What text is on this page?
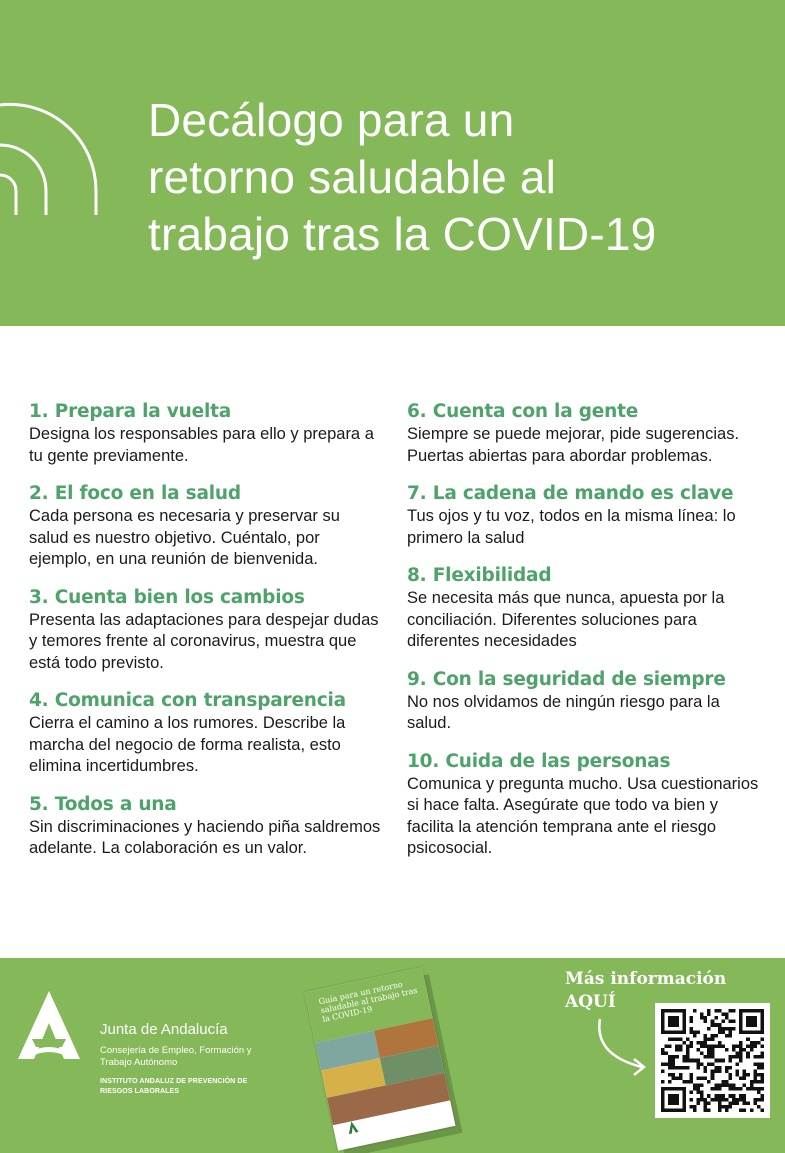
Decálogo para un
retorno saludable al
trabajo tras la COVID-19
1. Prepara la vuelta
Designa los responsables para ello y prepara a tu gente previamente.
2. El foco en la salud
Cada persona es necesaria y preservar su salud es nuestro objetivo. Cuéntalo, por ejemplo, en una reunión de bienvenida.
3. Cuenta bien los cambios
Presenta las adaptaciones para despejar dudas y temores frente al coronavirus, muestra que está todo previsto.
4. Comunica con transparencia
Cierra el camino a los rumores. Describe la marcha del negocio de forma realista, esto elimina incertidumbres.
5. Todos a una
Sin discriminaciones y haciendo piña saldremos adelante. La colaboración es un valor.
6. Cuenta con la gente
Siempre se puede mejorar, pide sugerencias. Puertas abiertas para abordar problemas.
7. La cadena de mando es clave
Tus ojos y tu voz, todos en la misma línea: lo primero la salud
8. Flexibilidad
Se necesita más que nunca, apuesta por la conciliación. Diferentes soluciones para diferentes necesidades
9. Con la seguridad de siempre
No nos olvidamos de ningún riesgo para la salud.
10. Cuida de las personas
Comunica y pregunta mucho. Usa cuestionarios si hace falta. Asegúrate que todo va bien y facilita la atención temprana ante el riesgo psicosocial.
Junta de Andalucía
Consejería de Empleo, Formación y Trabajo Autónomo
INSTITUTO ANDALUZ DE PREVENCIÓN DE RIESGOS LABORALES
Guía para un retorno saludable al trabajo tras la COVID-19
Más información
AQUÍ
